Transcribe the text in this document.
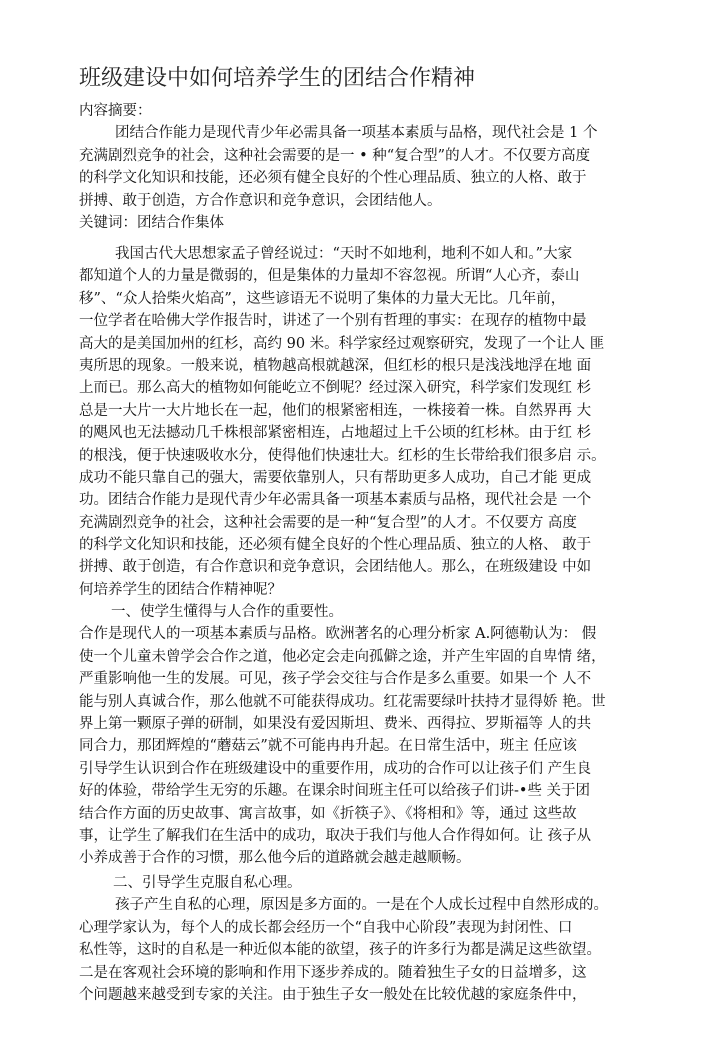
班级建设中如何培养学生的团结合作精神
内容摘要：
团结合作能力是现代青少年必需具备一项基本素质与品格，现代社会是 1 个
充满剧烈竞争的社会，这种社会需要的是一 • 种“复合型”的人才。不仅要方高度
的科学文化知识和技能，还必须有健全良好的个性心理品质、独立的人格、敢于
拼搏、敢于创造，方合作意识和竞争意识，会团结他人。
关键词：团结合作集体
我国古代大思想家孟子曾经说过：“天时不如地利，地利不如人和。”大家
都知道个人的力量是微弱的，但是集体的力量却不容忽视。所谓“人心齐，泰山
移”、“众人拾柴火焰高”，这些谚语无不说明了集体的力量大无比。几年前，
一位学者在哈佛大学作报告时，讲述了一个别有哲理的事实：在现存的植物中最
高大的是美国加州的红杉，高约 90 米。科学家经过观察研究，发现了一个让人 匪
夷所思的现象。一般来说，植物越高根就越深，但红杉的根只是浅浅地浮在地 面
上而已。那么高大的植物如何能屹立不倒呢？经过深入研究，科学家们发现红 杉
总是一大片一大片地长在一起，他们的根紧密相连，一株接着一株。自然界再 大
的飓风也无法撼动几千株根部紧密相连，占地超过上千公顷的红杉林。由于红 杉
的根浅，便于快速吸收水分，使得他们快速壮大。红杉的生长带给我们很多启 示。
成功不能只靠自己的强大，需要依靠别人，只有帮助更多人成功，自己才能 更成
功。团结合作能力是现代青少年必需具备一项基本素质与品格，现代社会是 一个
充满剧烈竞争的社会，这种社会需要的是一种“复合型”的人才。不仅要方 高度
的科学文化知识和技能，还必须有健全良好的个性心理品质、独立的人格、 敢于
拼搏、敢于创造，有合作意识和竞争意识，会团结他人。那么，在班级建设 中如
何培养学生的团结合作精神呢？
一、使学生懂得与人合作的重要性。
合作是现代人的一项基本素质与品格。欧洲著名的心理分析家 A.阿德勒认为： 假
使一个儿童未曾学会合作之道，他必定会走向孤僻之途，并产生牢固的自卑情 绪，
严重影响他一生的发展。可见，孩子学会交往与合作是多么重要。如果一个 人不
能与别人真诚合作，那么他就不可能获得成功。红花需要绿叶扶持才显得娇 艳。世
界上第一颗原子弹的研制，如果没有爱因斯坦、费米、西得拉、罗斯福等 人的共
同合力，那团辉煌的“蘑菇云”就不可能冉冉升起。在日常生活中，班主 任应该
引导学生认识到合作在班级建设中的重要作用，成功的合作可以让孩子们 产生良
好的体验，带给学生无穷的乐趣。在课余时间班主任可以给孩子们讲-•些 关于团
结合作方面的历史故事、寓言故事，如《折筷子》、《将相和》等，通过 这些故
事，让学生了解我们在生活中的成功，取决于我们与他人合作得如何。让 孩子从
小养成善于合作的习惯，那么他今后的道路就会越走越顺畅。
二、引导学生克服自私心理。
孩子产生自私的心理，原因是多方面的。一是在个人成长过程中自然形成的。
心理学家认为，每个人的成长都会经历一个“自我中心阶段”表现为封闭性、口
私性等，这时的自私是一种近似本能的欲望，孩子的许多行为都是满足这些欲望。
二是在客观社会环境的影响和作用下逐步养成的。随着独生子女的日益增多，这
个问题越来越受到专家的关注。由于独生子女一般处在比较优越的家庭条件中，
